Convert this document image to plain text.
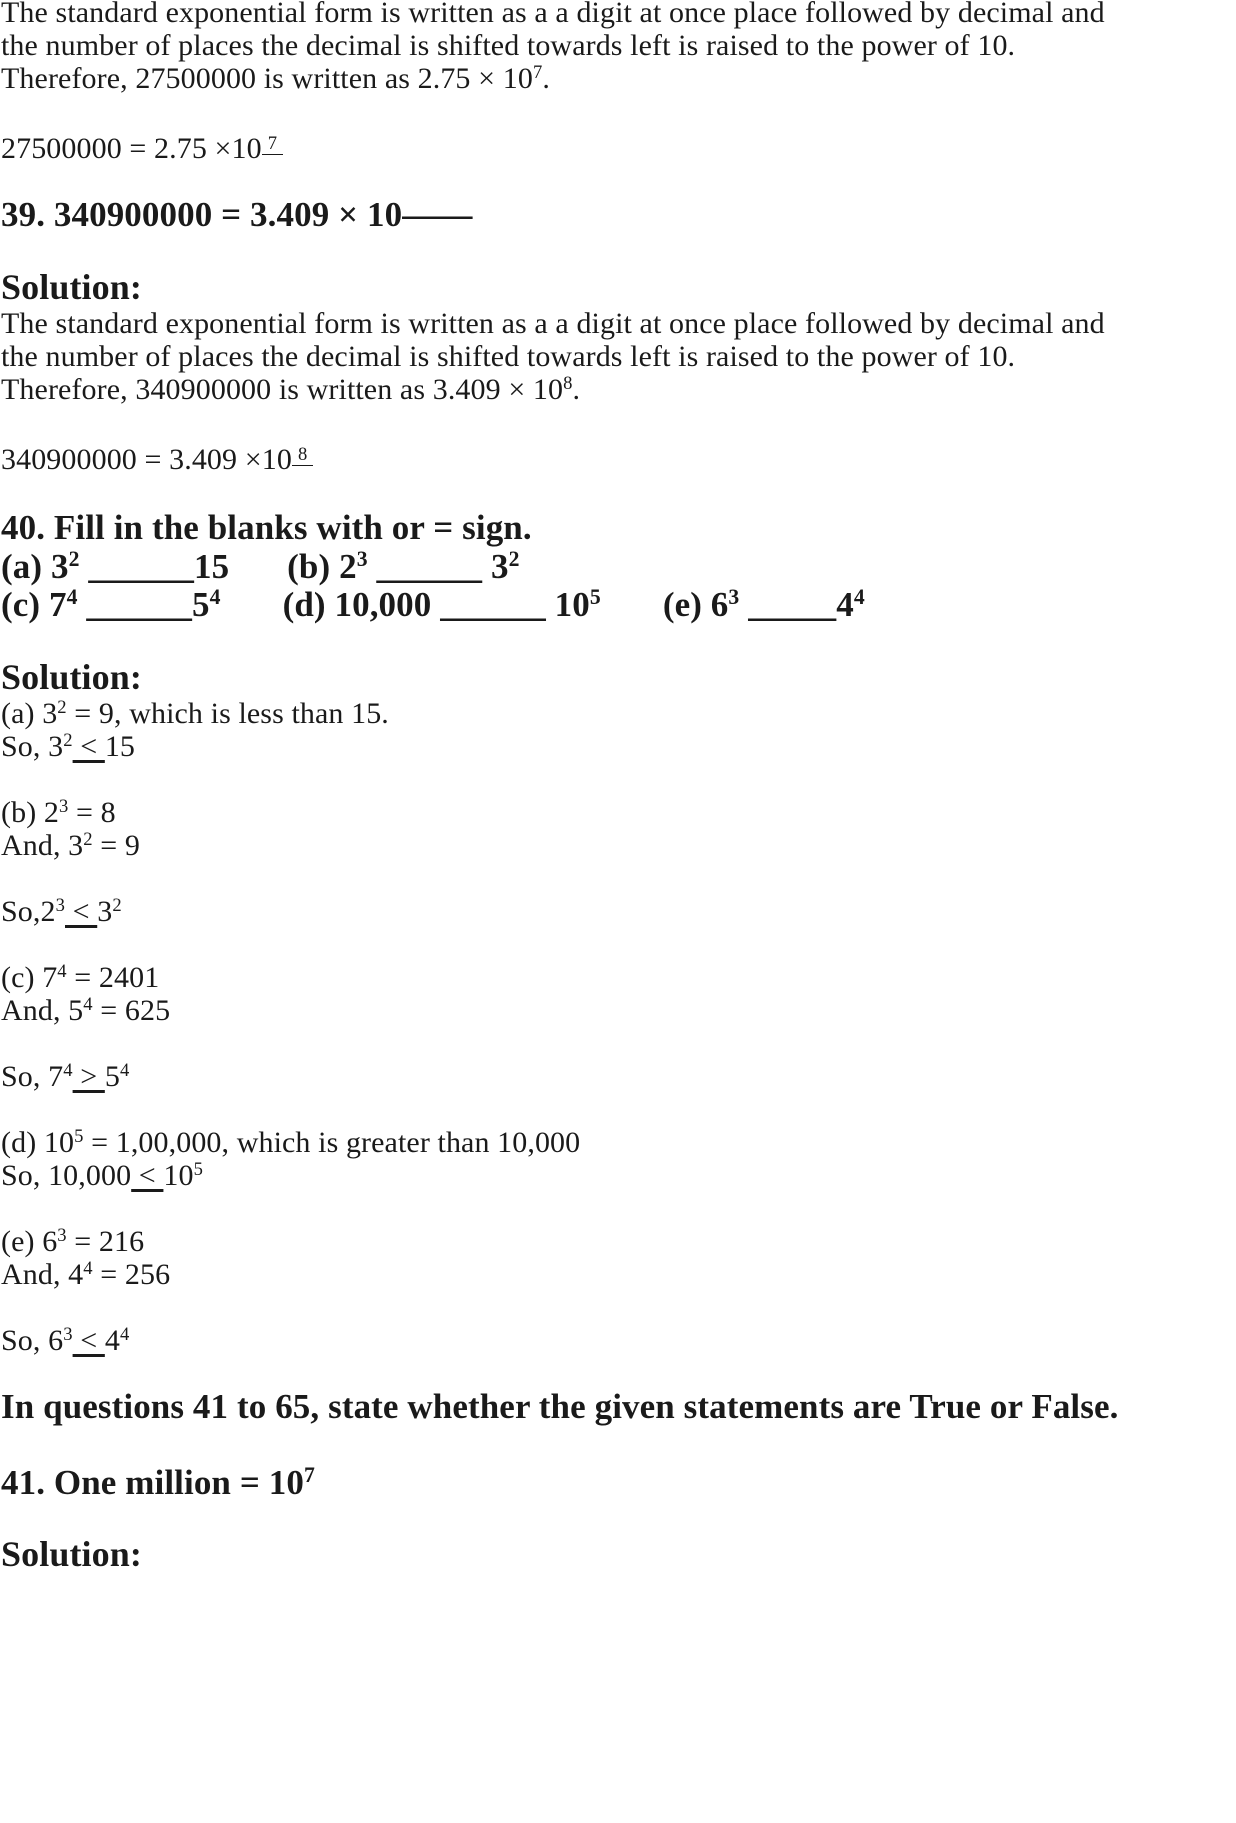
The standard exponential form is written as a a digit at once place followed by decimal and
the number of places the decimal is shifted towards left is raised to the power of 10.
Therefore, 27500000 is written as $2.75 \times 10^7$.
27500000 = 2.75 ×10 $^7$
39. 340900000 = 3.409 × 10——
Solution:
The standard exponential form is written as a a digit at once place followed by decimal and
the number of places the decimal is shifted towards left is raised to the power of 10.
Therefore, 340900000 is written as $3.409 \times 10^8$.
340900000 = 3.409 ×10 $^8$
40. Fill in the blanks with or = sign.
(a) $3^2$ ______15 (b) $2^3$ ______ $3^2$
(c) $7^4$ $\_\_\_\_\_\_5^4$ (d) 10,000 ______ $10^5$ (e) $6^3$ $\_\_\_\_\_4^4$
Solution:
(a) $3^2 = 9$, which is less than 15.
So, $3^2 < 15$
(b) $2^3 = 8$
And, $3^2 = 9$
$So,2^3 < 3^2$
(c) $7^4 = 2401$
And, $5^4 = 625$
So, $7^4 > 5^4$
(d) $10^5 = 1,00,000$, which is greater than 10,000
So, $10,000 < 10^5$
(e) $6^3 = 216$
And, $4^4 = 256$
So, $6^3 < 4^4$
In questions 41 to 65, state whether the given statements are True or False.
41. One million = $10^7$
Solution:
